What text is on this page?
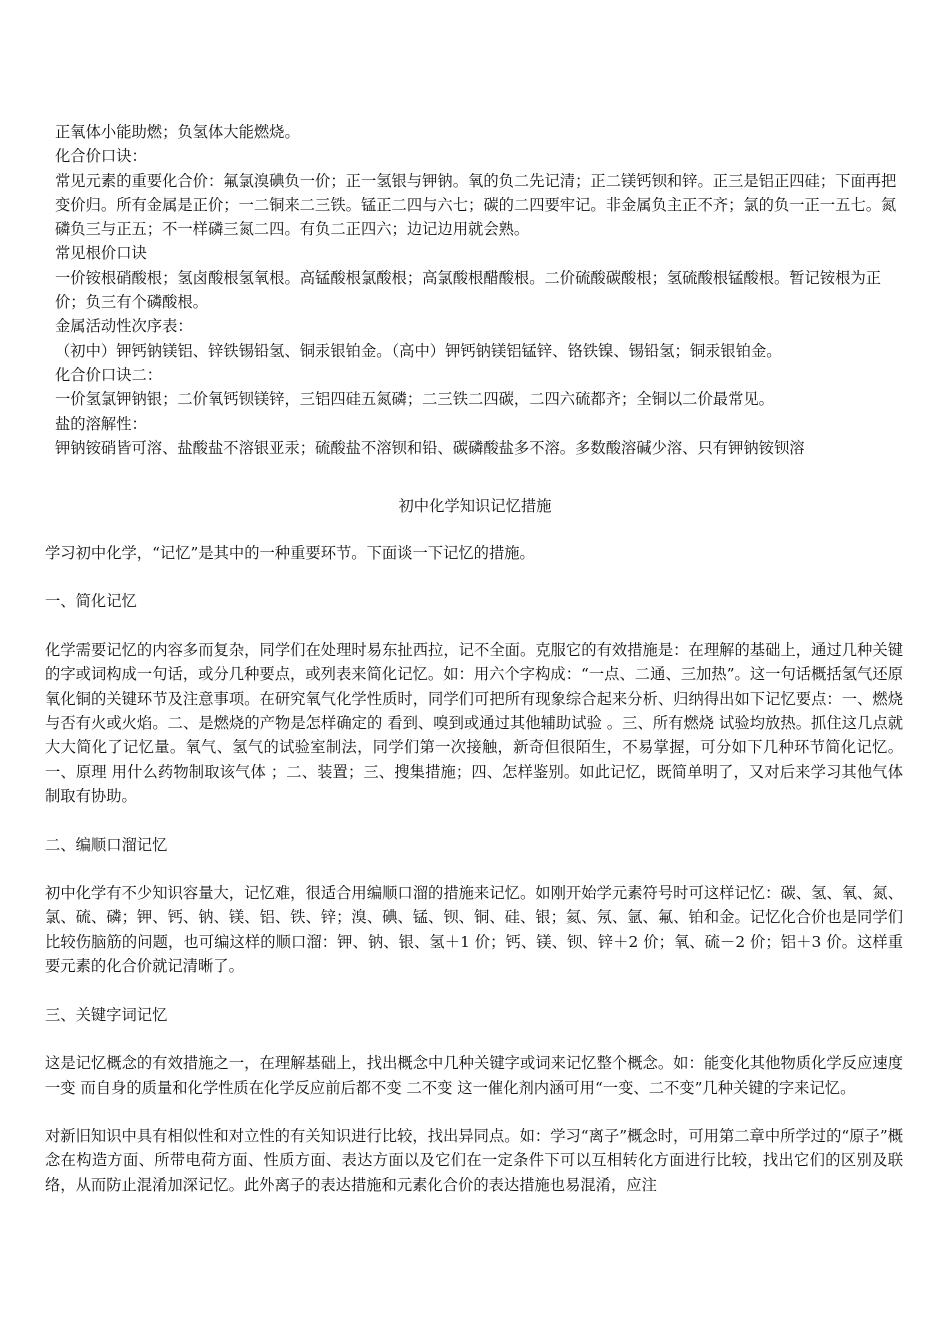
正氧体小能助燃；负氢体大能燃烧。

化合价口诀：

常见元素的重要化合价：氟氯溴碘负一价；正一氢银与钾钠。氧的负二先记清；正二镁钙钡和锌。正三是铝正四硅；下面再把变价归。所有金属是正价；一二铜来二三铁。锰正二四与六七；碳的二四要牢记。非金属负主正不齐；氯的负一正一五七。氮磷负三与正五；不一样磷三氮二四。有负二正四六；边记边用就会熟。

常见根价口诀

一价铵根硝酸根；氢卤酸根氢氧根。高锰酸根氯酸根；高氯酸根醋酸根。二价硫酸碳酸根；氢硫酸根锰酸根。暂记铵根为正价；负三有个磷酸根。

金属活动性次序表：

（初中）钾钙钠镁铝、锌铁锡铅氢、铜汞银铂金。（高中）钾钙钠镁铝锰锌、铬铁镍、锡铅氢；铜汞银铂金。

化合价口诀二：

一价氢氯钾钠银；二价氧钙钡镁锌，三铝四硅五氮磷；二三铁二四碳，二四六硫都齐；全铜以二价最常见。

盐的溶解性：

钾钠铵硝皆可溶、盐酸盐不溶银亚汞；硫酸盐不溶钡和铅、碳磷酸盐多不溶。多数酸溶碱少溶、只有钾钠铵钡溶

初中化学知识记忆措施

学习初中化学，“记忆”是其中的一种重要环节。下面谈一下记忆的措施。

一、简化记忆

化学需要记忆的内容多而复杂，同学们在处理时易东扯西拉，记不全面。克服它的有效措施是：在理解的基础上，通过几种关键的字或词构成一句话，或分几种要点，或列表来简化记忆。如：用六个字构成：“一点、二通、三加热”。这一句话概括氢气还原氧化铜的关键环节及注意事项。在研究氧气化学性质时，同学们可把所有现象综合起来分析、归纳得出如下记忆要点：一、燃烧与否有火或火焰。二、是燃烧的产物是怎样确定的 看到、嗅到或通过其他辅助试验 。三、所有燃烧 试验均放热。抓住这几点就大大简化了记忆量。氧气、氢气的试验室制法，同学们第一次接触，新奇但很陌生，不易掌握，可分如下几种环节简化记忆。一、原理 用什么药物制取该气体 ；二、装置；三、搜集措施；四、怎样鉴别。如此记忆，既简单明了，又对后来学习其他气体制取有协助。

二、编顺口溜记忆

初中化学有不少知识容量大，记忆难，很适合用编顺口溜的措施来记忆。如刚开始学元素符号时可这样记忆：碳、氢、氧、氮、氯、硫、磷；钾、钙、钠、镁、铝、铁、锌；溴、碘、锰、钡、铜、硅、银；氦、氖、氩、氟、铂和金。记忆化合价也是同学们比较伤脑筋的问题，也可编这样的顺口溜：钾、钠、银、氢＋1 价；钙、镁、钡、锌＋2 价；氧、硫－2 价；铝＋3 价。这样重要元素的化合价就记清晰了。

三、关键字词记忆

这是记忆概念的有效措施之一，在理解基础上，找出概念中几种关键字或词来记忆整个概念。如：能变化其他物质化学反应速度 一变 而自身的质量和化学性质在化学反应前后都不变 二不变 这一催化剂内涵可用“一变、二不变”几种关键的字来记忆。

对新旧知识中具有相似性和对立性的有关知识进行比较，找出异同点。如：学习“离子”概念时，可用第二章中所学过的“原子”概念在构造方面、所带电荷方面、性质方面、表达方面以及它们在一定条件下可以互相转化方面进行比较，找出它们的区别及联络，从而防止混淆加深记忆。此外离子的表达措施和元素化合价的表达措施也易混淆，应注
